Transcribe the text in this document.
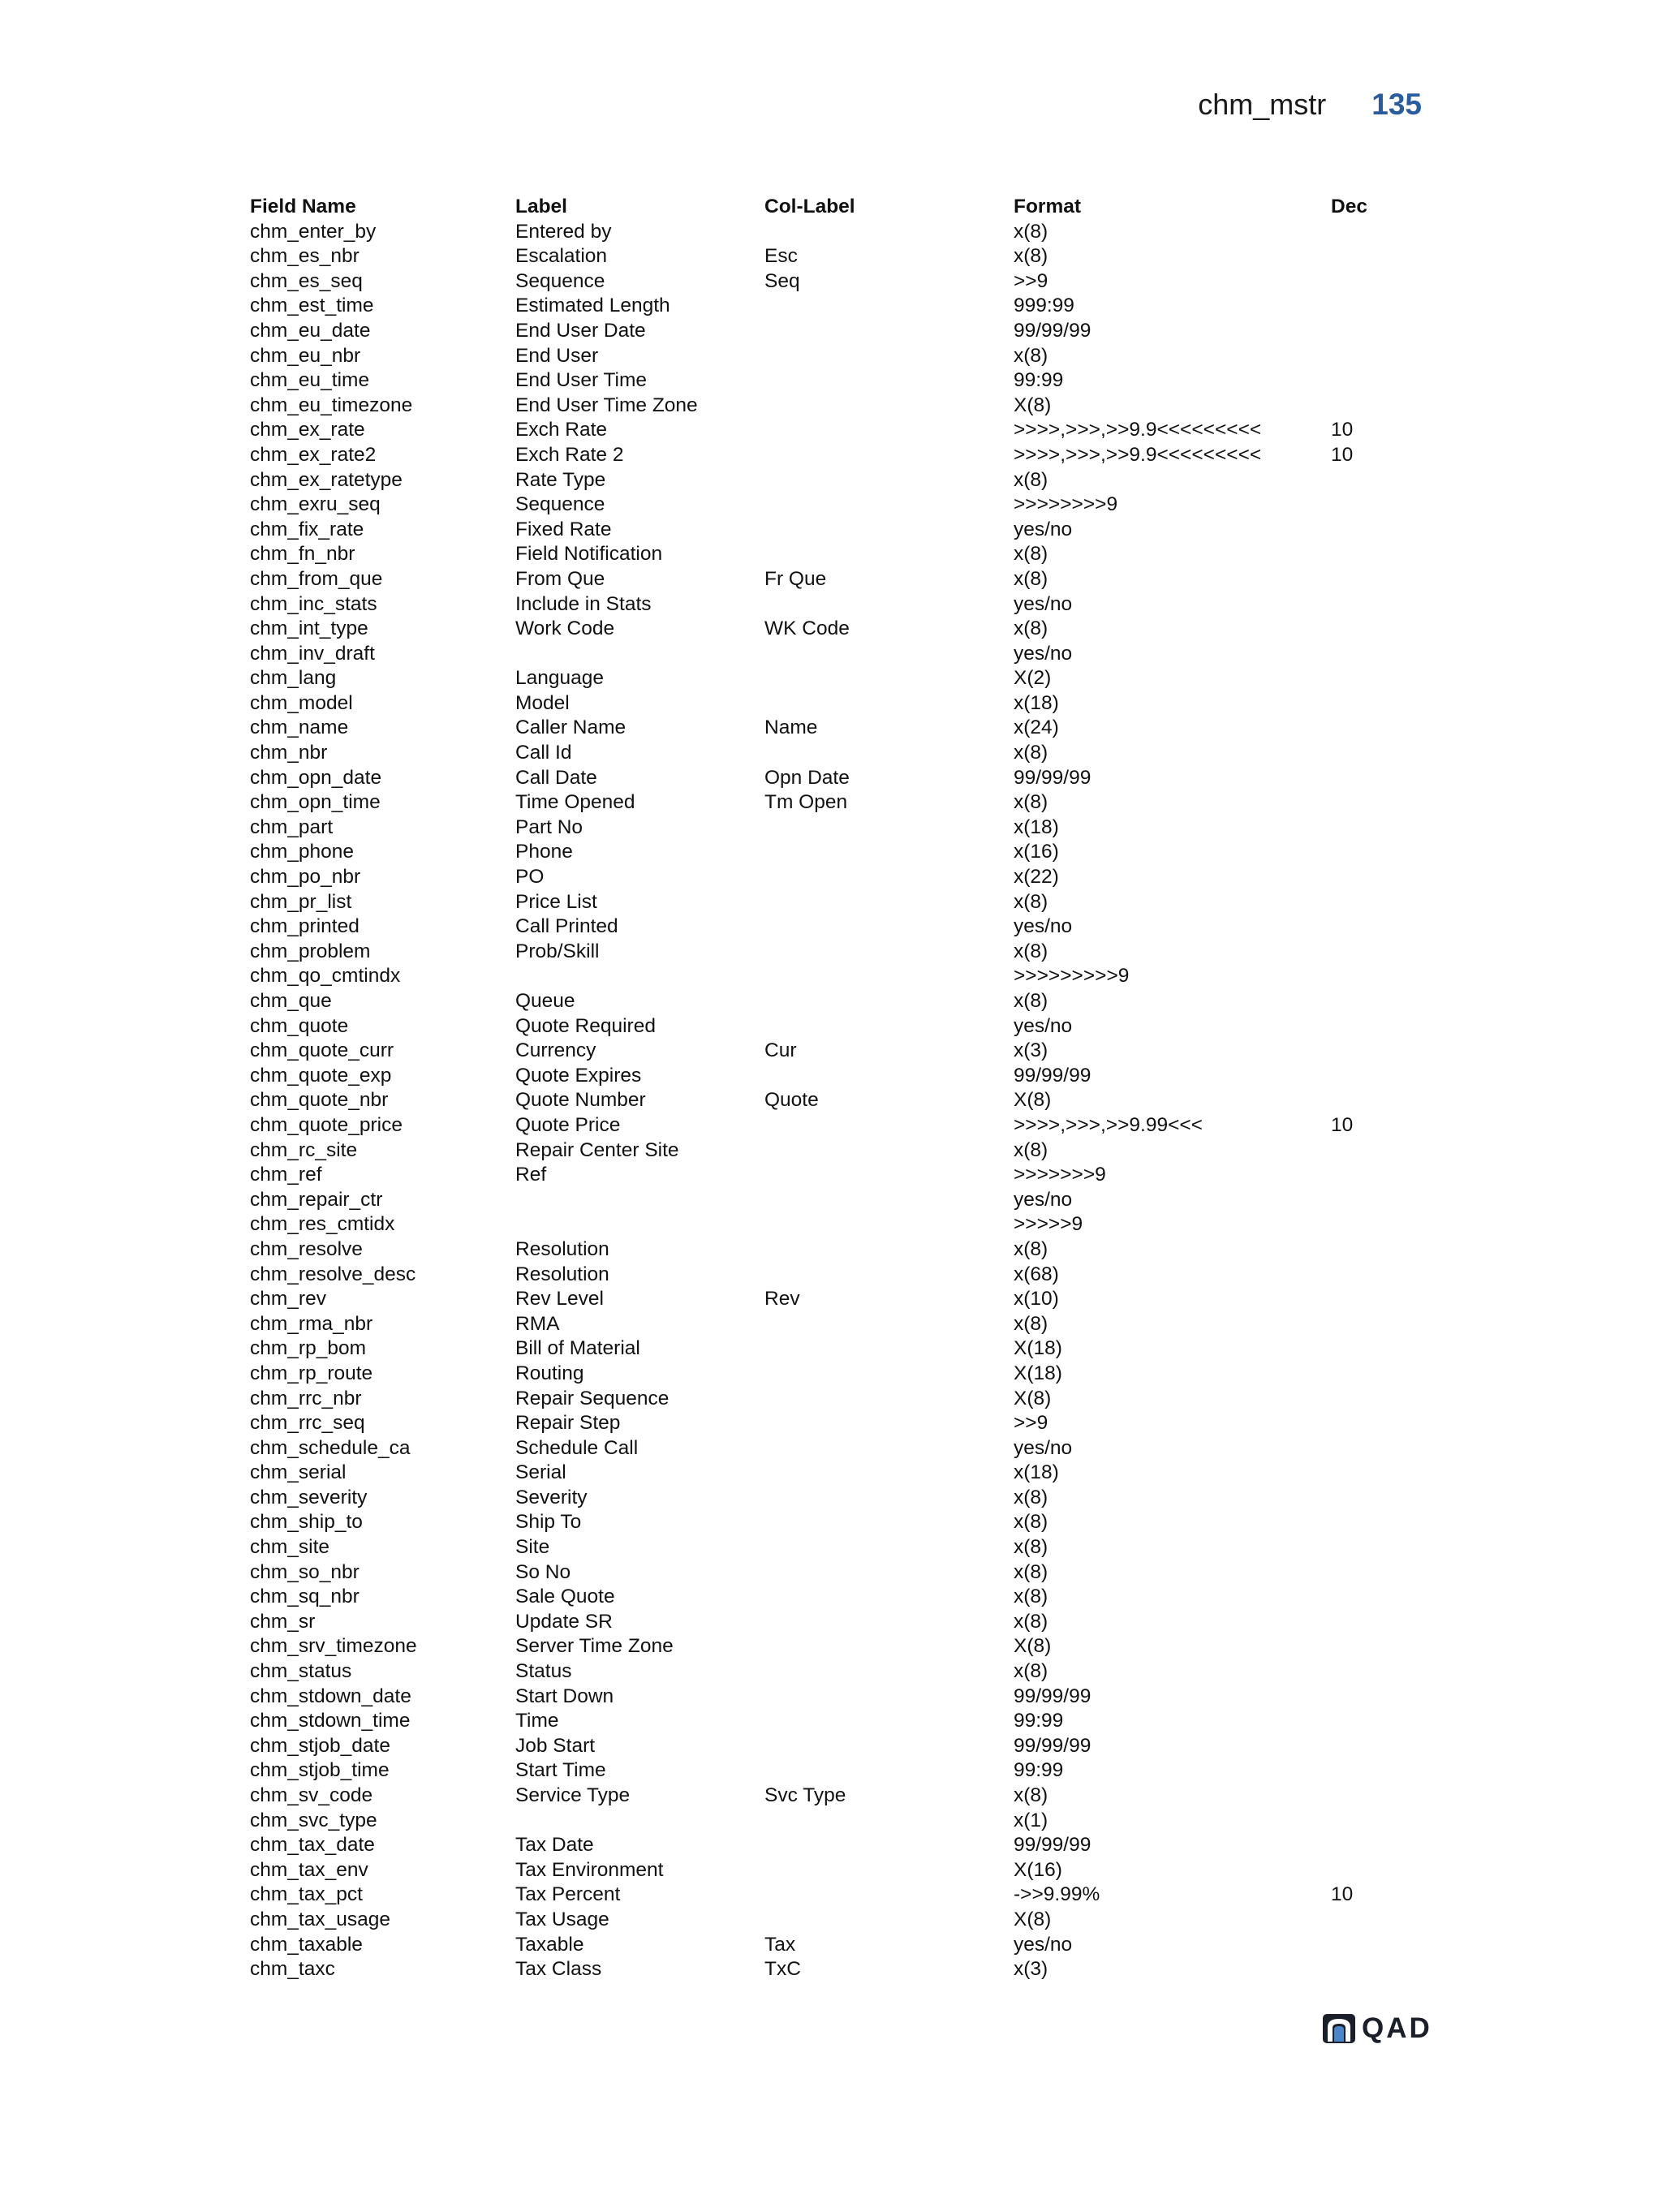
chm_mstr 135
Field Name	Label	Col-Label	Format	Dec
chm_enter_by	Entered by		x(8)	
chm_es_nbr	Escalation	Esc	x(8)	
chm_es_seq	Sequence	Seq	>>9	
chm_est_time	Estimated Length		999:99	
chm_eu_date	End User Date		99/99/99	
chm_eu_nbr	End User		x(8)	
chm_eu_time	End User Time		99:99	
chm_eu_timezone	End User Time Zone		X(8)	
chm_ex_rate	Exch Rate		>>>>,>>>,>>9.9<<<<<<<<<	10
chm_ex_rate2	Exch Rate 2		>>>>,>>>,>>9.9<<<<<<<<<	10
chm_ex_ratetype	Rate Type		x(8)	
chm_exru_seq	Sequence		>>>>>>>>9	
chm_fix_rate	Fixed Rate		yes/no	
chm_fn_nbr	Field Notification		x(8)	
chm_from_que	From Que	Fr Que	x(8)	
chm_inc_stats	Include in Stats		yes/no	
chm_int_type	Work Code	WK Code	x(8)	
chm_inv_draft			yes/no	
chm_lang	Language		X(2)	
chm_model	Model		x(18)	
chm_name	Caller Name	Name	x(24)	
chm_nbr	Call Id		x(8)	
chm_opn_date	Call Date	Opn Date	99/99/99	
chm_opn_time	Time Opened	Tm Open	x(8)	
chm_part	Part No		x(18)	
chm_phone	Phone		x(16)	
chm_po_nbr	PO		x(22)	
chm_pr_list	Price List		x(8)	
chm_printed	Call Printed		yes/no	
chm_problem	Prob/Skill		x(8)	
chm_qo_cmtindx			>>>>>>>>>9	
chm_que	Queue		x(8)	
chm_quote	Quote Required		yes/no	
chm_quote_curr	Currency	Cur	x(3)	
chm_quote_exp	Quote Expires		99/99/99	
chm_quote_nbr	Quote Number	Quote	X(8)	
chm_quote_price	Quote Price		>>>>,>>>,>>9.99<<<	10
chm_rc_site	Repair Center Site		x(8)	
chm_ref	Ref		>>>>>>>9	
chm_repair_ctr			yes/no	
chm_res_cmtidx			>>>>>9	
chm_resolve	Resolution		x(8)	
chm_resolve_desc	Resolution		x(68)	
chm_rev	Rev Level	Rev	x(10)	
chm_rma_nbr	RMA		x(8)	
chm_rp_bom	Bill of Material		X(18)	
chm_rp_route	Routing		X(18)	
chm_rrc_nbr	Repair Sequence		X(8)	
chm_rrc_seq	Repair Step		>>9	
chm_schedule_ca	Schedule Call		yes/no	
chm_serial	Serial		x(18)	
chm_severity	Severity		x(8)	
chm_ship_to	Ship To		x(8)	
chm_site	Site		x(8)	
chm_so_nbr	So No		x(8)	
chm_sq_nbr	Sale Quote		x(8)	
chm_sr	Update SR		x(8)	
chm_srv_timezone	Server Time Zone		X(8)	
chm_status	Status		x(8)	
chm_stdown_date	Start Down		99/99/99	
chm_stdown_time	Time		99:99	
chm_stjob_date	Job Start		99/99/99	
chm_stjob_time	Start Time		99:99	
chm_sv_code	Service Type	Svc Type	x(8)	
chm_svc_type			x(1)	
chm_tax_date	Tax Date		99/99/99	
chm_tax_env	Tax Environment		X(16)	
chm_tax_pct	Tax Percent		->>9.99%	10
chm_tax_usage	Tax Usage		X(8)	
chm_taxable	Taxable	Tax	yes/no	
chm_taxc	Tax Class	TxC	x(3)	
QAD
